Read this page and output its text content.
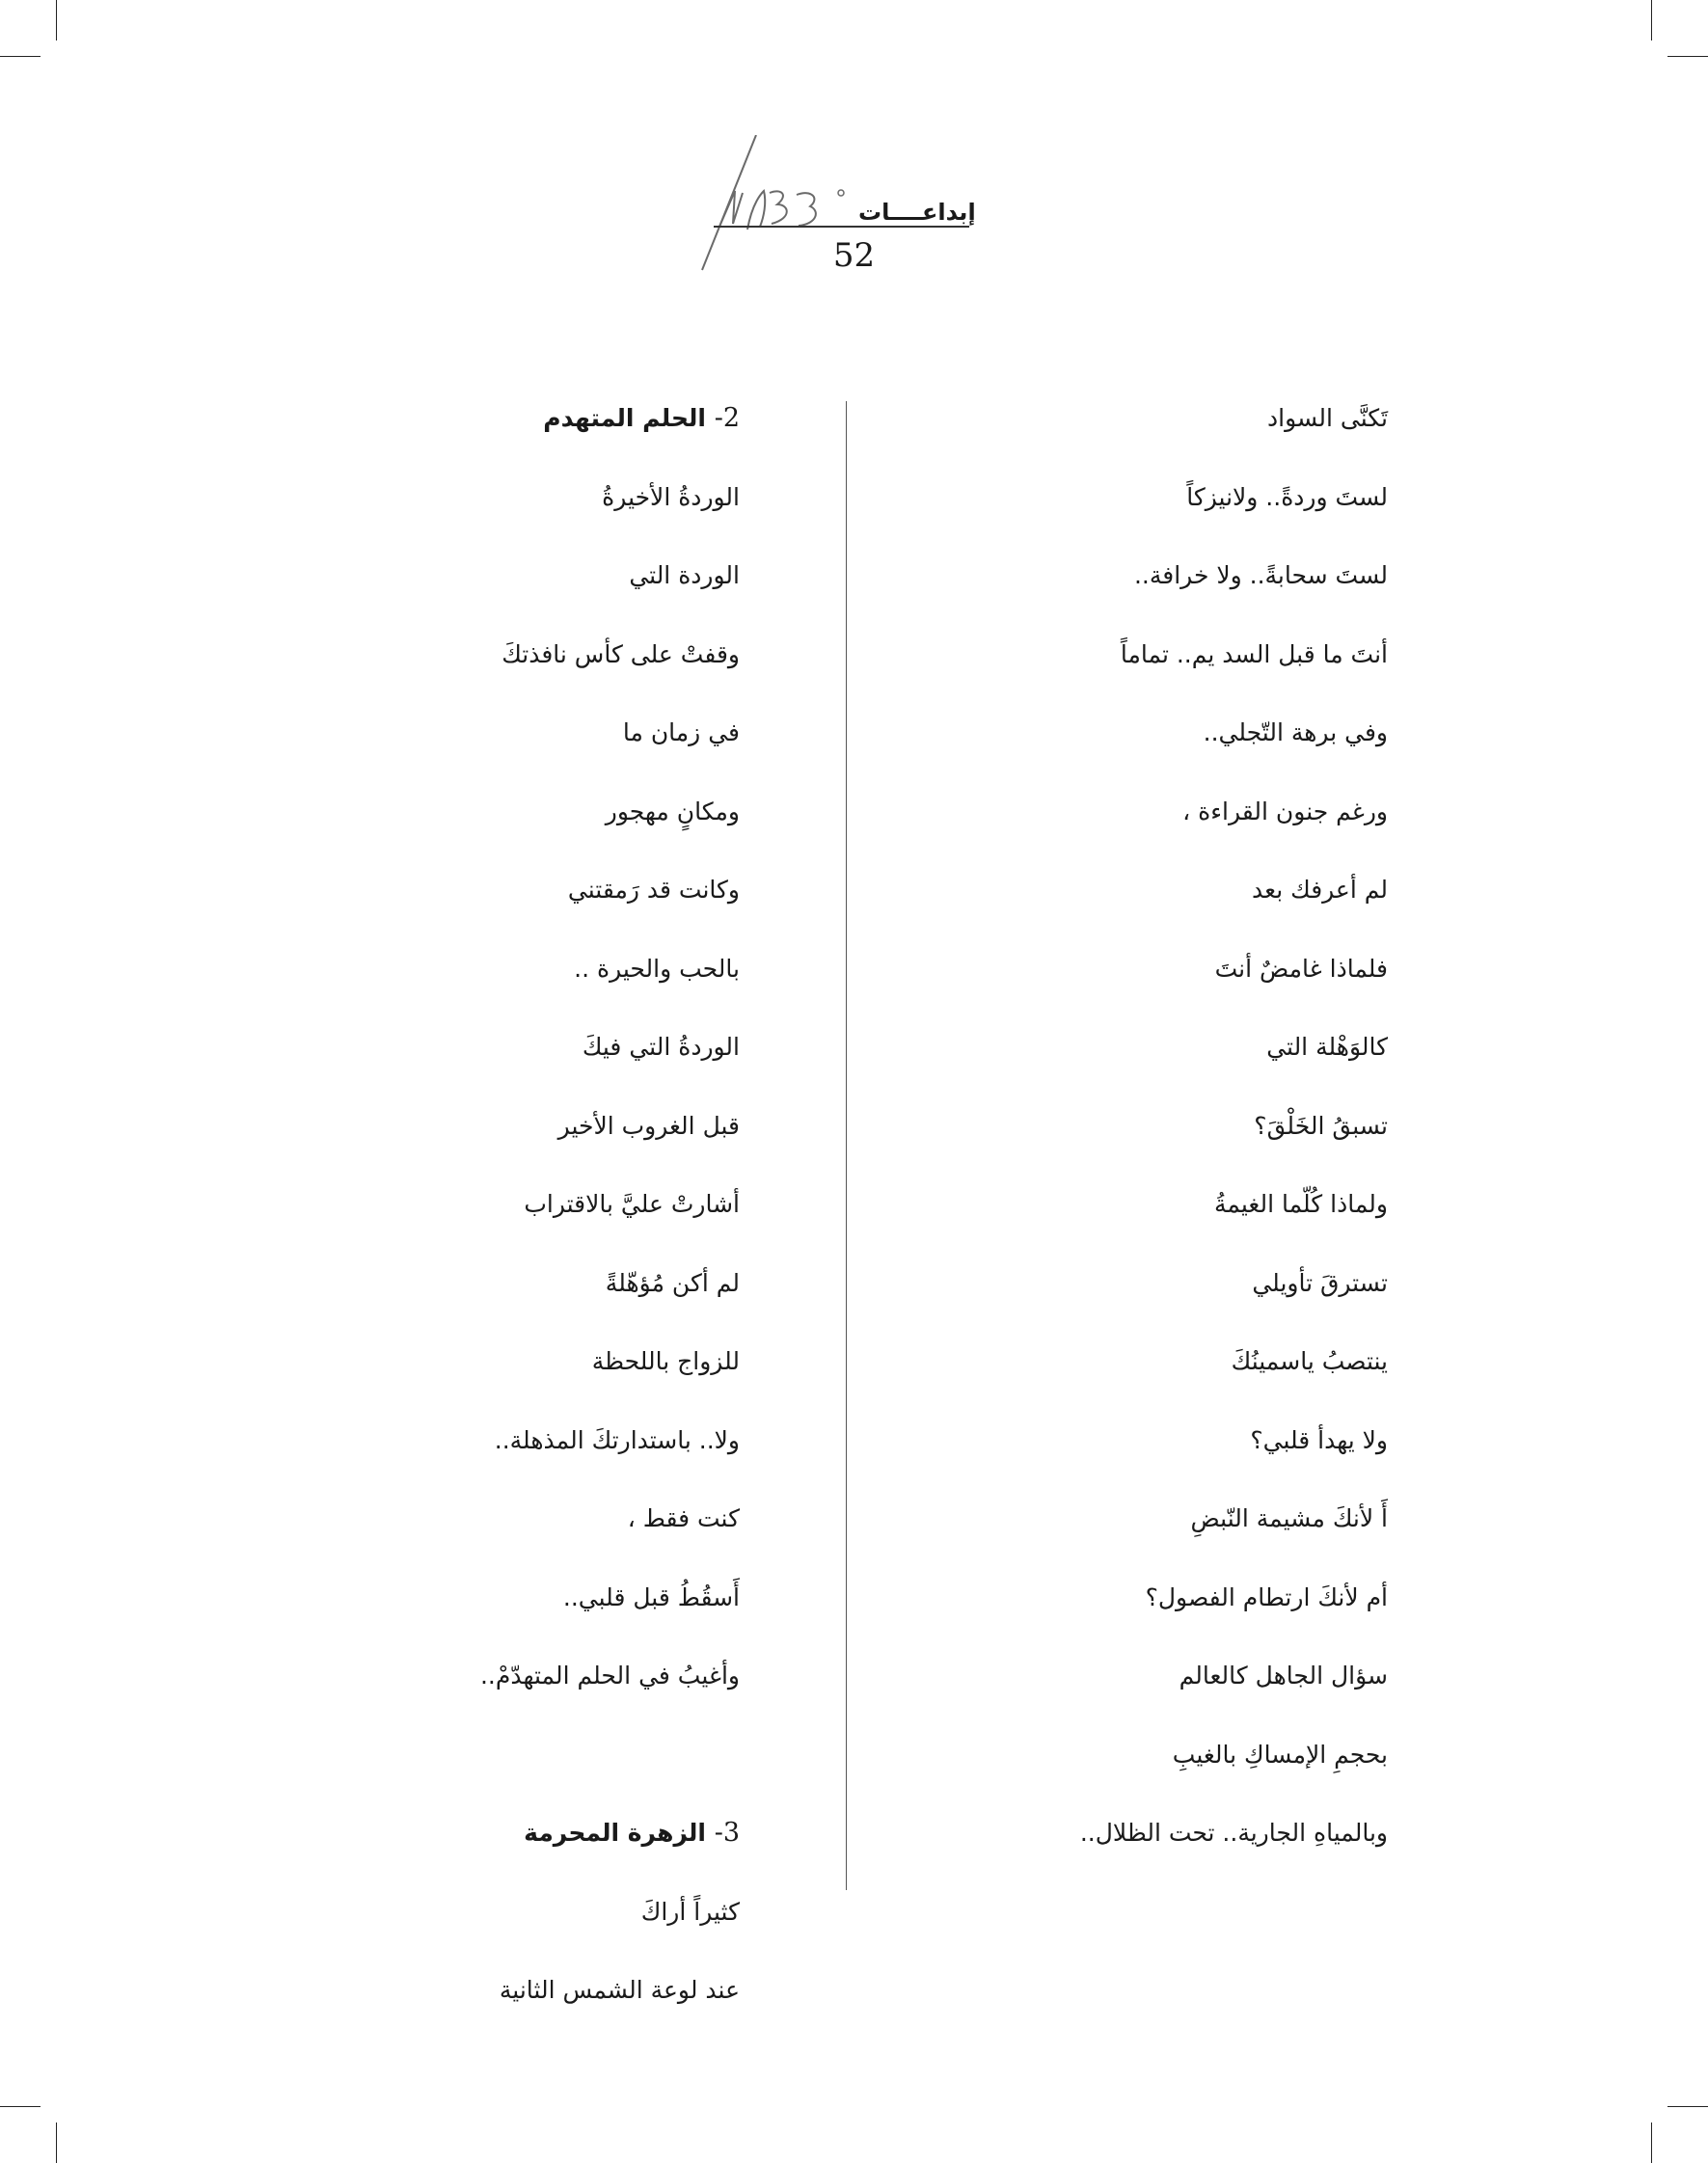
إبداعــــات
52
تَكنَّى السواد
لستَ وردةً.. ولانيزكاً
لستَ سحابةً.. ولا خرافة..
أنتَ ما قبل السد يم.. تماماً
وفي برهة التّجلي..
ورغم جنون القراءة ،
لم أعرفك بعد
فلماذا غامضٌ أنتَ
كالوَهْلة التي
تسبقُ الخَلْقَ؟
ولماذا كُلّما الغيمةُ
تسترقَ تأويلي
ينتصبُ ياسمينُكَ
ولا يهدأ قلبي؟
أَ لأنكَ مشيمة النّبضِ
أم لأنكَ ارتطام الفصول؟
سؤال الجاهل كالعالم
بحجمِ الإمساكِ بالغيبِ
وبالمياهِ الجارية.. تحت الظلال..
2- الحلم المتهدم
الوردةُ الأخيرةُ
الوردة التي
وقفتْ على كأس نافذتكَ
في زمان ما
ومكانٍ مهجور
وكانت قد رَمقتني
بالحب والحيرة ..
الوردةُ التي فيكَ
قبل الغروب الأخير
أشارتْ عليَّ بالاقتراب
لم أكن مُؤهّلةً
للزواج باللحظة
ولا.. باستدارتكَ المذهلة..
كنت فقط ،
أَسقُطُ قبل قلبي..
وأغيبُ في الحلم المتهدّمْ..
3- الزهرة المحرمة
كثيراً أراكَ
عند لوعة الشمس الثانية
